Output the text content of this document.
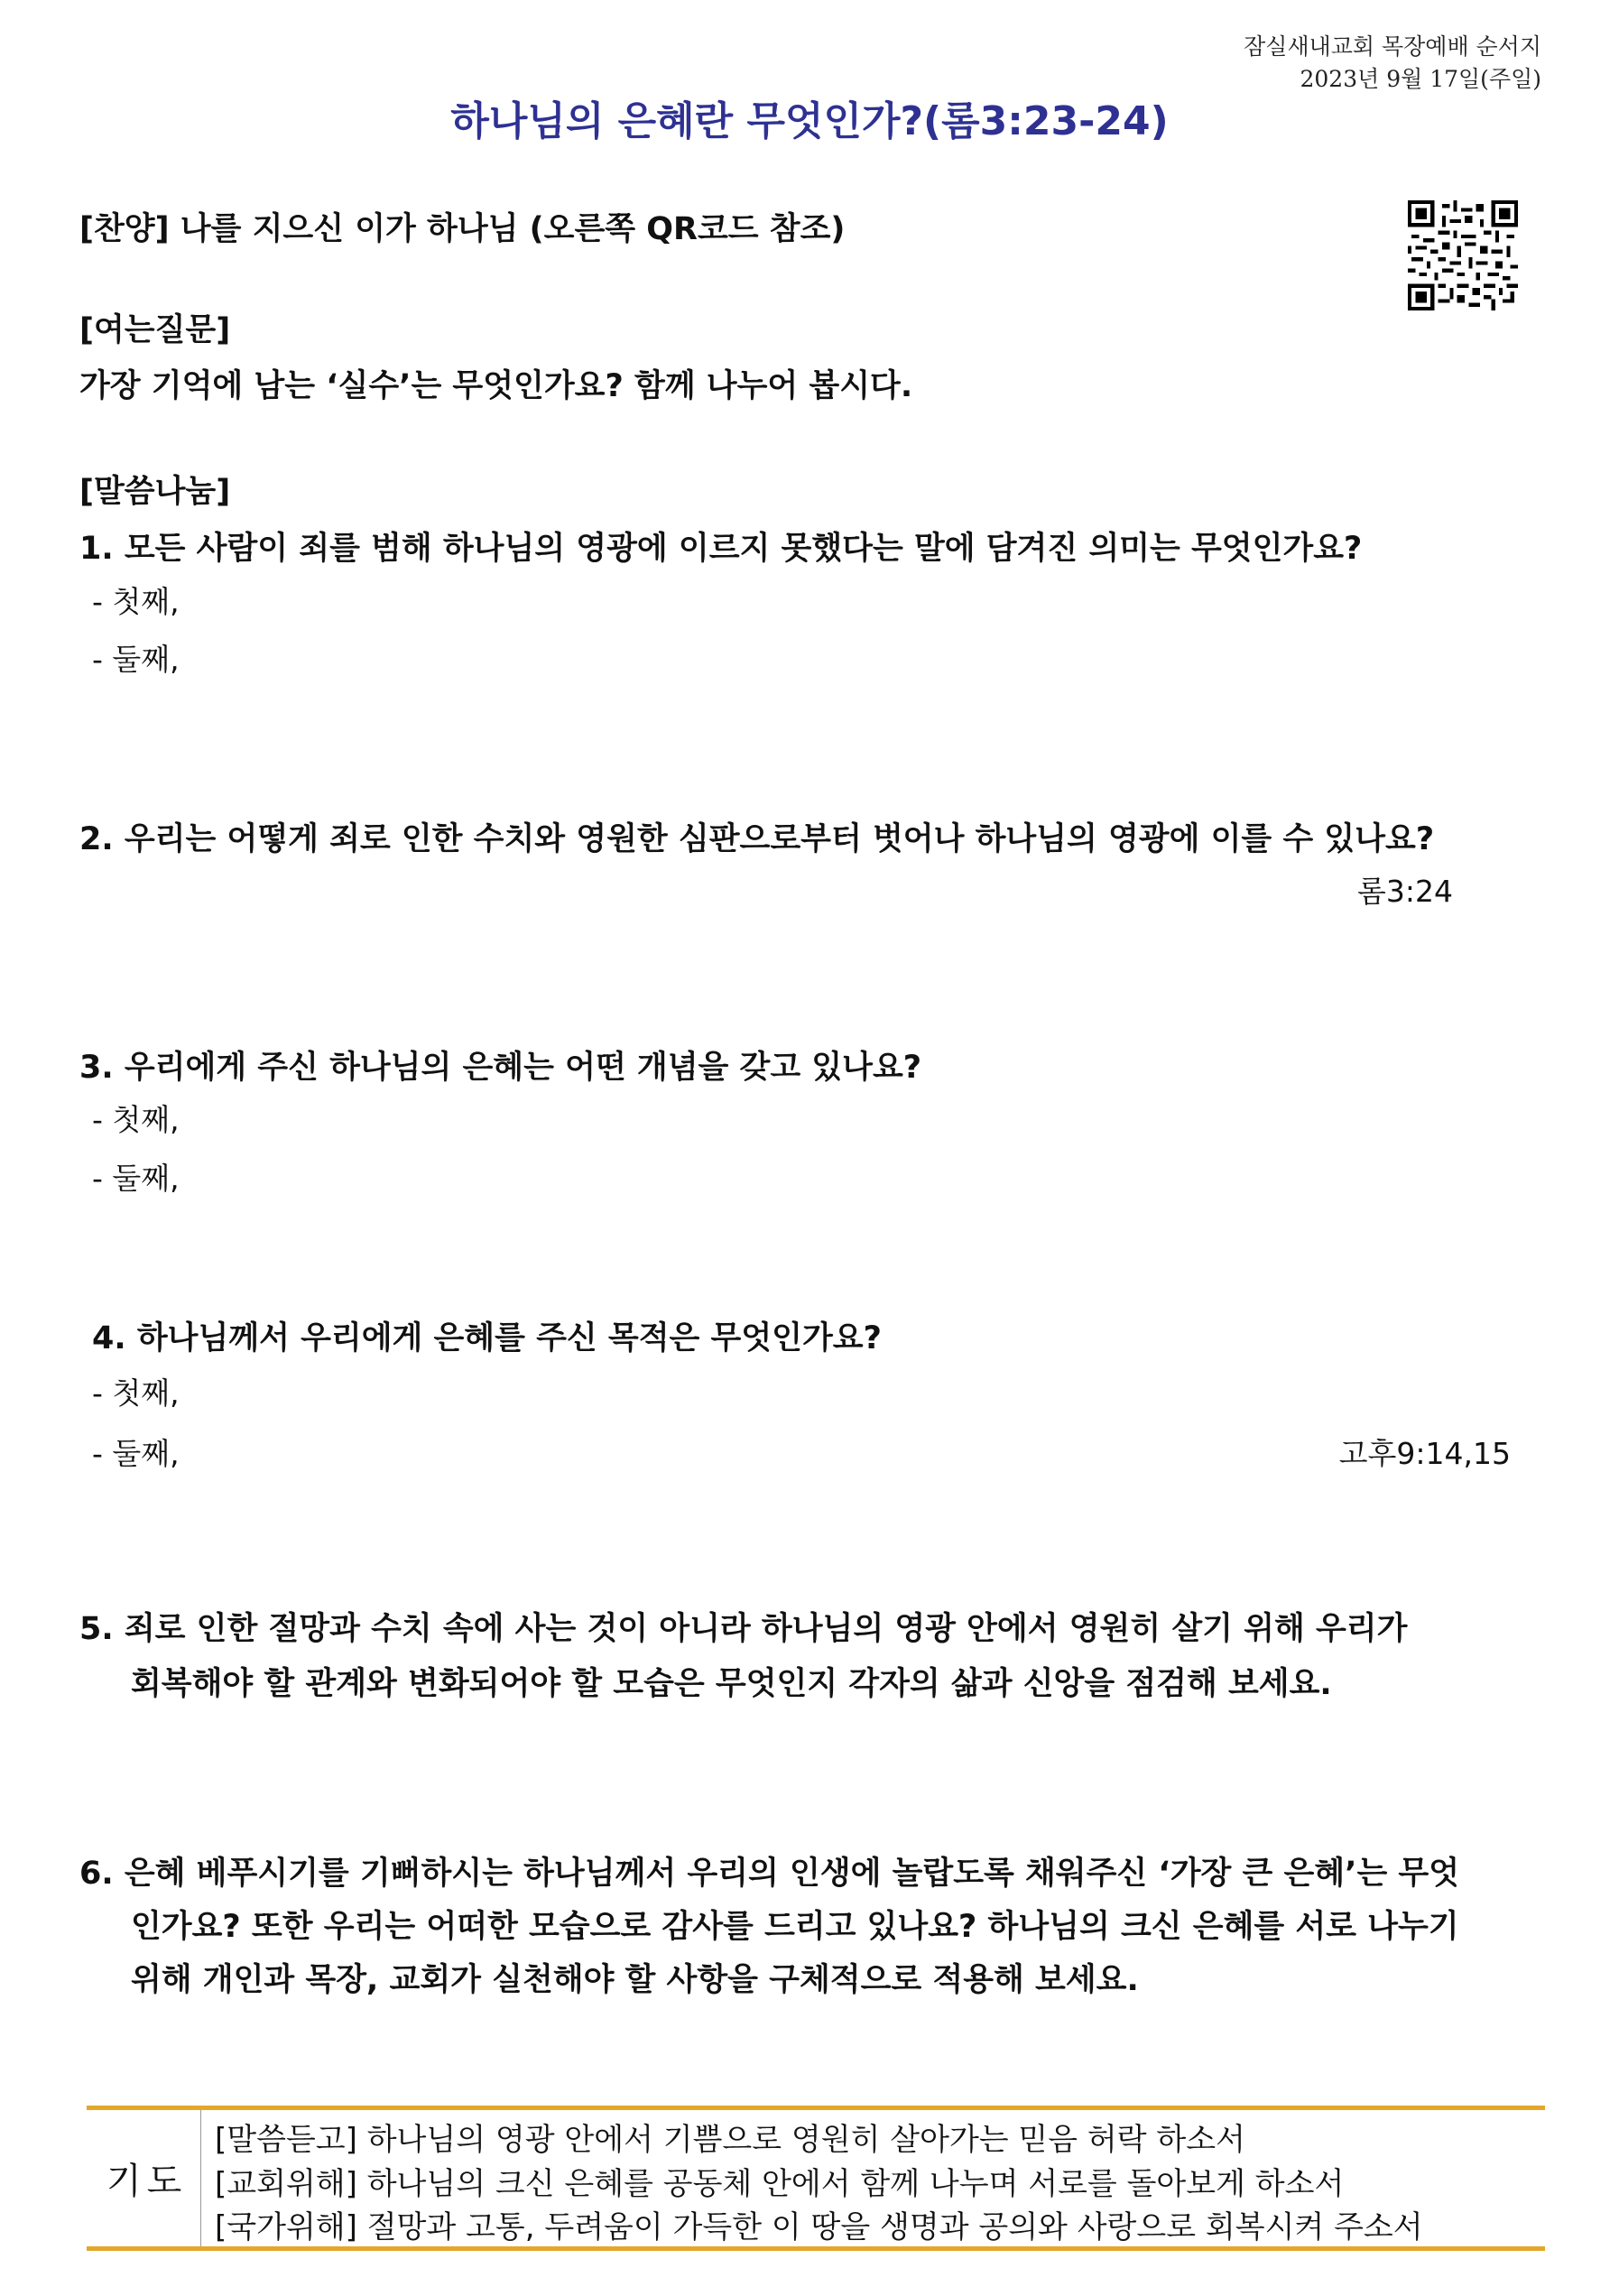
잠실새내교회 목장예배 순서지
2023년 9월 17일(주일)
하나님의 은혜란 무엇인가?(롬3:23-24)
[찬양] 나를 지으신 이가 하나님 (오른쪽 QR코드 참조)
[여는질문]
가장 기억에 남는 ‘실수’는 무엇인가요? 함께 나누어 봅시다.
[말씀나눔]
1. 모든 사람이 죄를 범해 하나님의 영광에 이르지 못했다는 말에 담겨진 의미는 무엇인가요?
- 첫째,
- 둘째,
2. 우리는 어떻게 죄로 인한 수치와 영원한 심판으로부터 벗어나 하나님의 영광에 이를 수 있나요?
롬3:24
3. 우리에게 주신 하나님의 은혜는 어떤 개념을 갖고 있나요?
- 첫째,
- 둘째,
4. 하나님께서 우리에게 은혜를 주신 목적은 무엇인가요?
- 첫째,
- 둘째,	고후9:14,15
5. 죄로 인한 절망과 수치 속에 사는 것이 아니라 하나님의 영광 안에서 영원히 살기 위해 우리가
회복해야 할 관계와 변화되어야 할 모습은 무엇인지 각자의 삶과 신앙을 점검해 보세요.
6. 은혜 베푸시기를 기뻐하시는 하나님께서 우리의 인생에 놀랍도록 채워주신 ‘가장 큰 은혜’는 무엇
인가요? 또한 우리는 어떠한 모습으로 감사를 드리고 있나요? 하나님의 크신 은혜를 서로 나누기
위해 개인과 목장, 교회가 실천해야 할 사항을 구체적으로 적용해 보세요.
기도
[말씀듣고] 하나님의 영광 안에서 기쁨으로 영원히 살아가는 믿음 허락 하소서
[교회위해] 하나님의 크신 은혜를 공동체 안에서 함께 나누며 서로를 돌아보게 하소서
[국가위해] 절망과 고통, 두려움이 가득한 이 땅을 생명과 공의와 사랑으로 회복시켜 주소서
